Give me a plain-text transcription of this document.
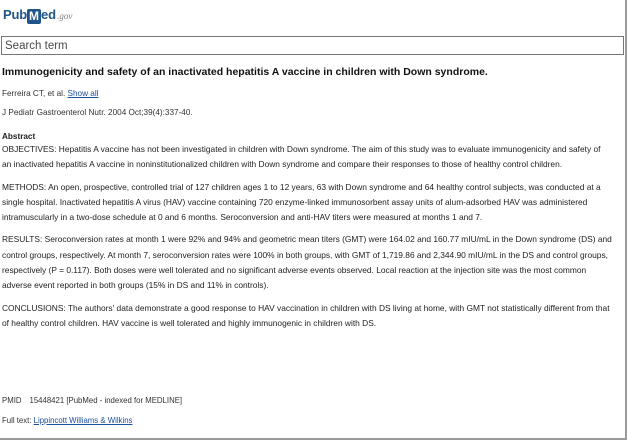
Pub M ed .gov
Search term
Immunogenicity and safety of an inactivated hepatitis A vaccine in children with Down syndrome.
Ferreira CT, et al. Show all
J Pediatr Gastroenterol Nutr. 2004 Oct;39(4):337-40.
Abstract

OBJECTIVES: Hepatitis A vaccine has not been investigated in children with Down syndrome. The aim of this study was to evaluate immunogenicity and safety of an inactivated hepatitis A vaccine in noninstitutionalized children with Down syndrome and compare their responses to those of healthy control children.

METHODS: An open, prospective, controlled trial of 127 children ages 1 to 12 years, 63 with Down syndrome and 64 healthy control subjects, was conducted at a single hospital. Inactivated hepatitis A virus (HAV) vaccine containing 720 enzyme-linked immunosorbent assay units of alum-adsorbed HAV was administered intramuscularly in a two-dose schedule at 0 and 6 months. Seroconversion and anti-HAV titers were measured at months 1 and 7.

RESULTS: Seroconversion rates at month 1 were 92% and 94% and geometric mean titers (GMT) were 164.02 and 160.77 mIU/mL in the Down syndrome (DS) and control groups, respectively. At month 7, seroconversion rates were 100% in both groups, with GMT of 1,719.86 and 2,344.90 mIU/mL in the DS and control groups, respectively (P = 0.117). Both doses were well tolerated and no significant adverse events observed. Local reaction at the injection site was the most common adverse event reported in both groups (15% in DS and 11% in controls).

CONCLUSIONS: The authors' data demonstrate a good response to HAV vaccination in children with DS living at home, with GMT not statistically different from that of healthy control children. HAV vaccine is well tolerated and highly immunogenic in children with DS.

PMID 15448421 [PubMed - indexed for MEDLINE]
Full text: Lippincott Williams & Wilkins
